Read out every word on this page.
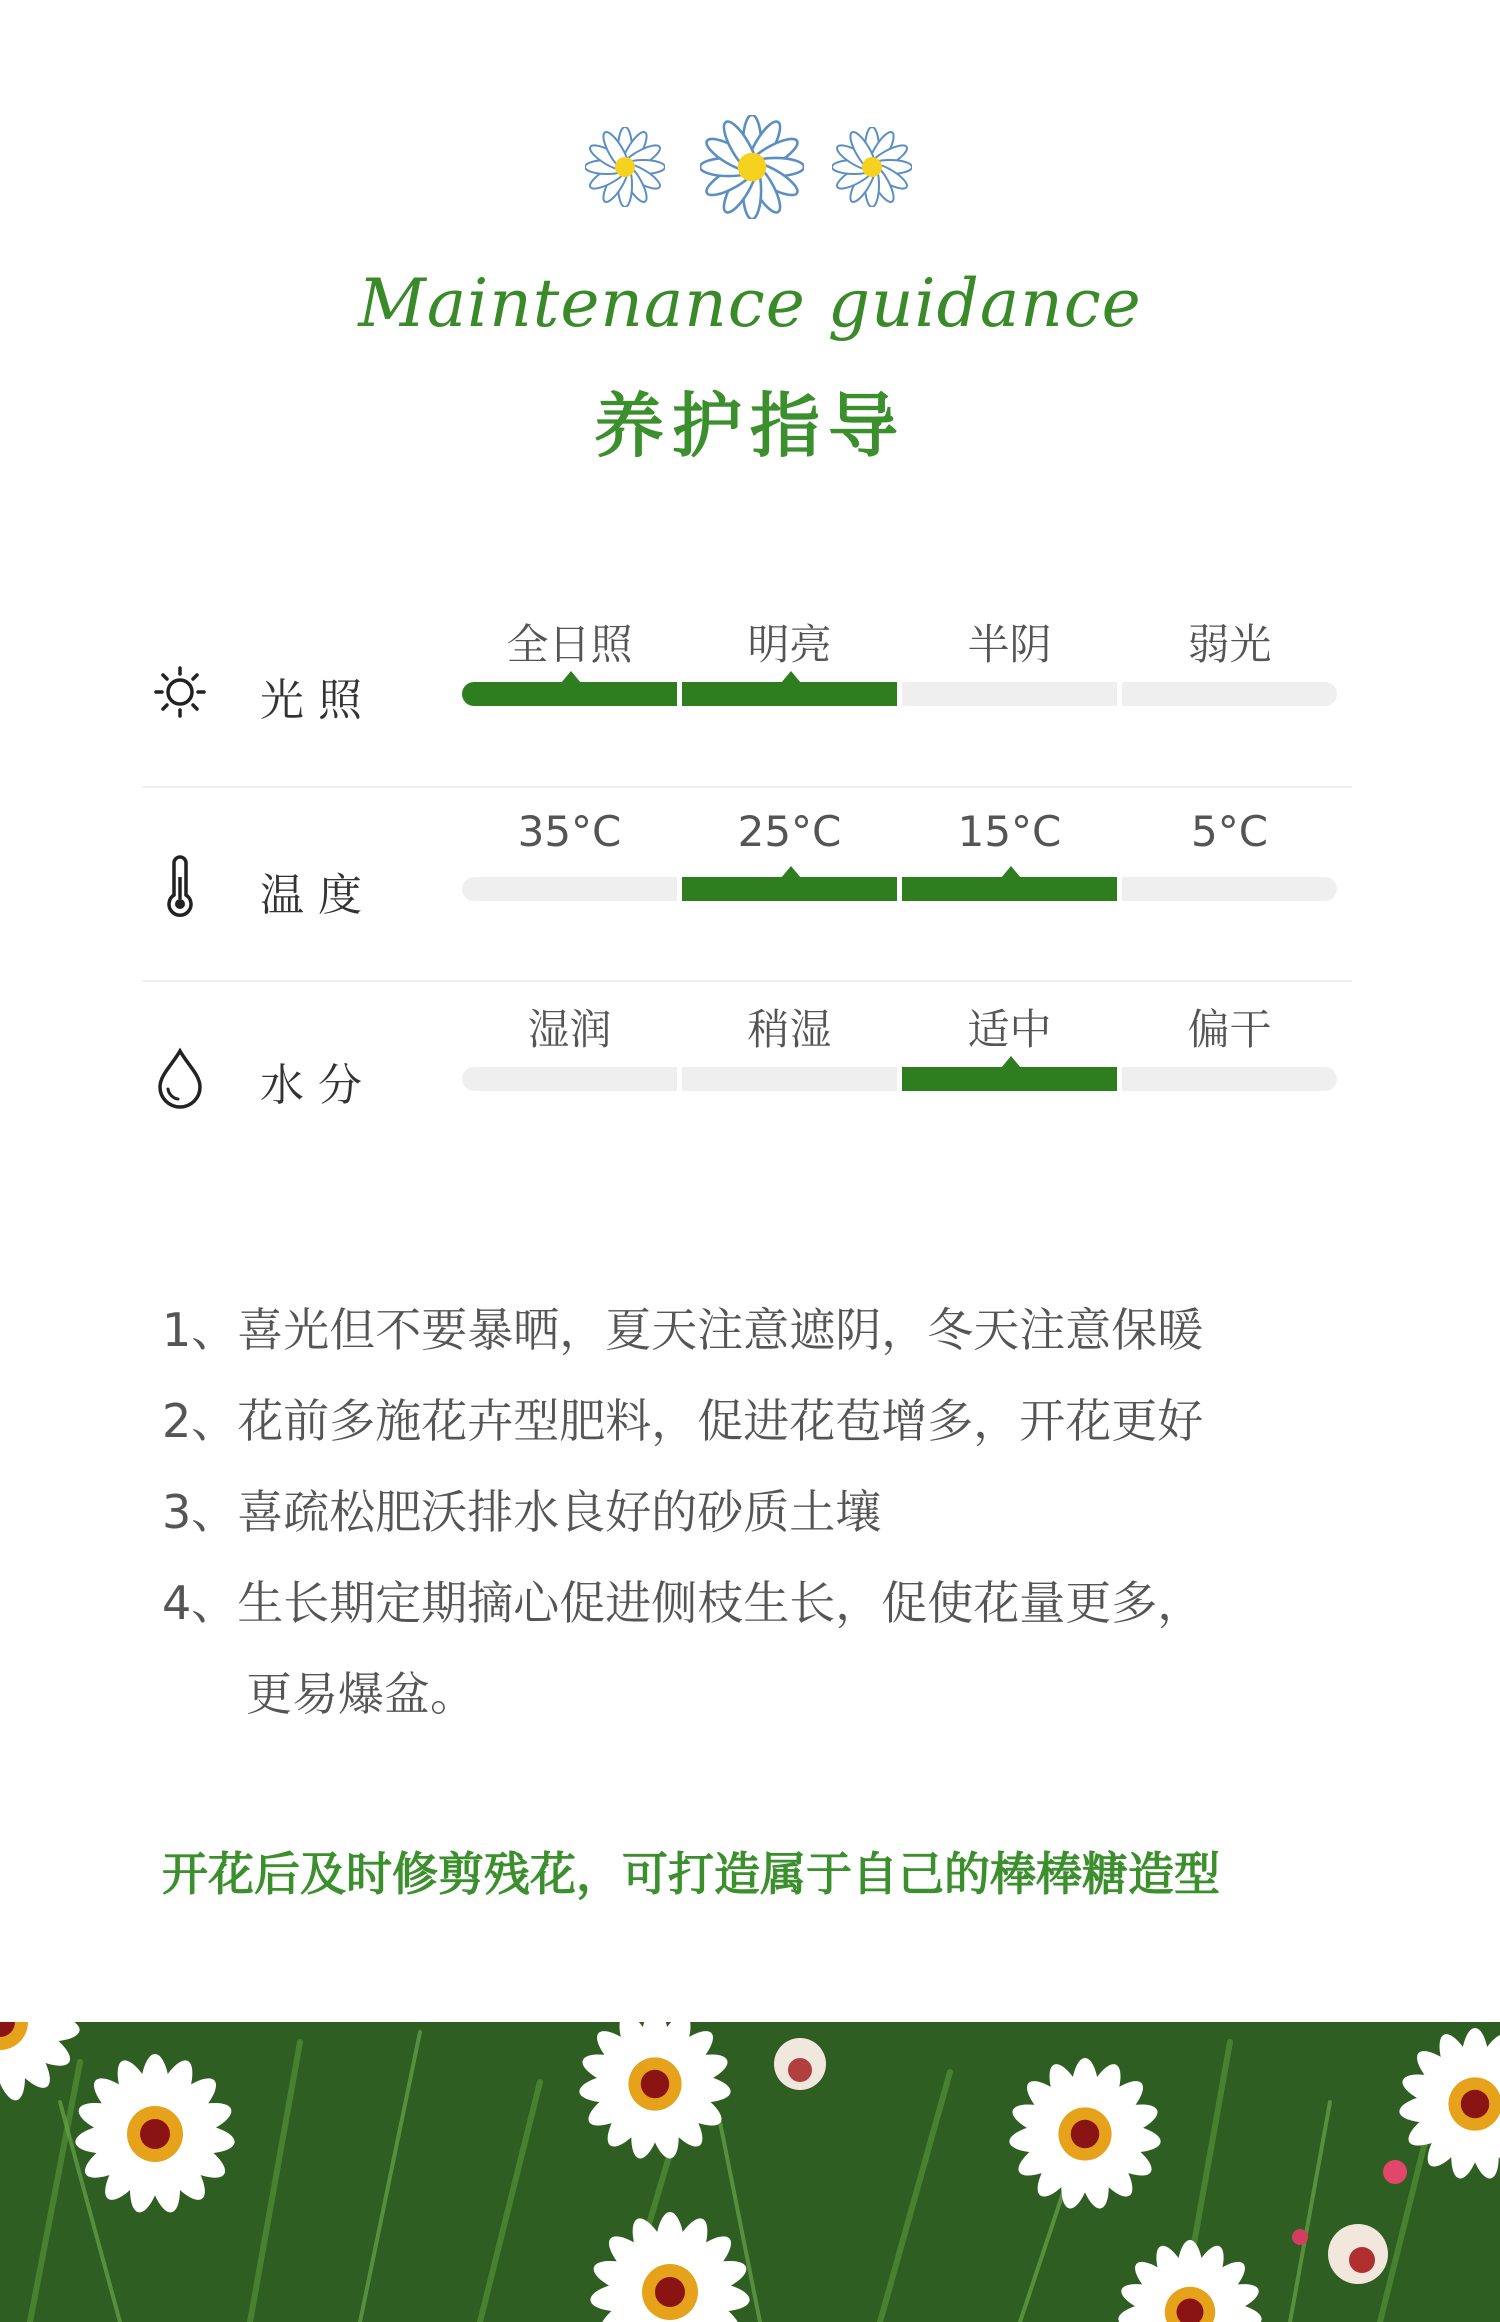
Maintenance guidance
养护指导
光照
全日照	明亮	半阴	弱光
温度
35°C	25°C	15°C	5°C
水分
湿润	稍湿	适中	偏干
1、喜光但不要暴晒，夏天注意遮阴，冬天注意保暖
2、花前多施花卉型肥料，促进花苞增多，开花更好
3、喜疏松肥沃排水良好的砂质土壤
4、生长期定期摘心促进侧枝生长，促使花量更多，
更易爆盆。
开花后及时修剪残花，可打造属于自己的棒棒糖造型
